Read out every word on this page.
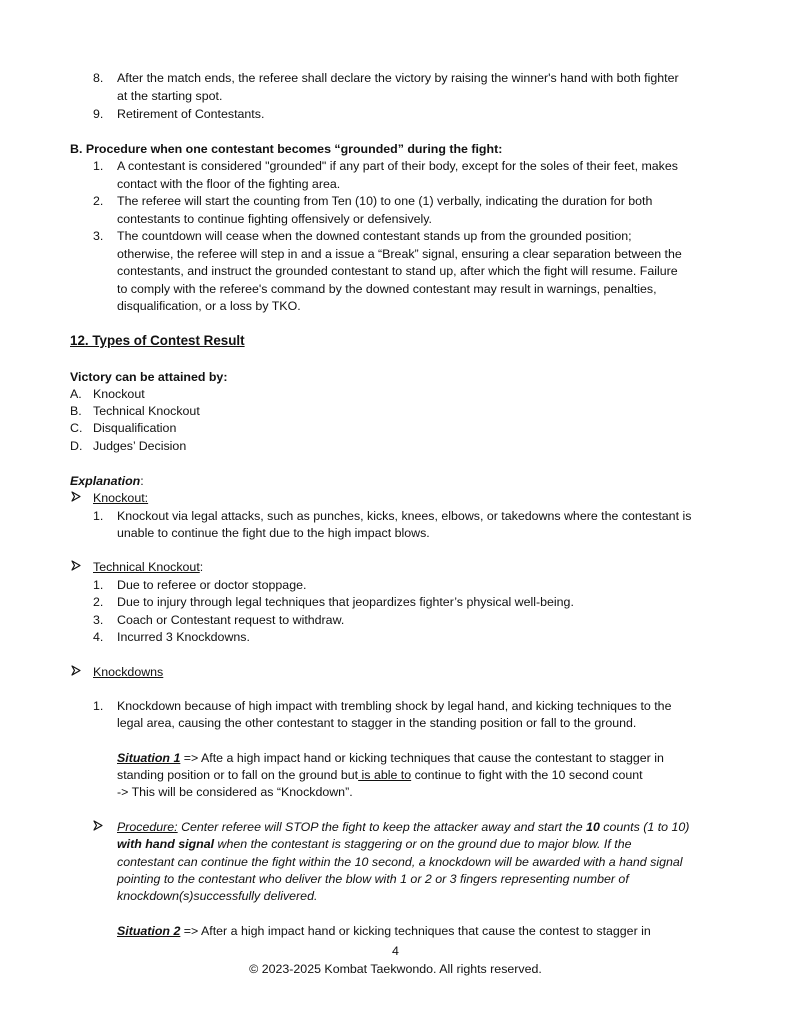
8. After the match ends, the referee shall declare the victory by raising the winner's hand with both fighter
at the starting spot.
9. Retirement of Contestants.
B. Procedure when one contestant becomes “grounded” during the fight:
1. A contestant is considered "grounded" if any part of their body, except for the soles of their feet, makes
contact with the floor of the fighting area.
2. The referee will start the counting from Ten (10) to one (1) verbally, indicating the duration for both
contestants to continue fighting offensively or defensively.
3. The countdown will cease when the downed contestant stands up from the grounded position;
otherwise, the referee will step in and a issue a “Break” signal, ensuring a clear separation between the
contestants, and instruct the grounded contestant to stand up, after which the fight will resume. Failure
to comply with the referee's command by the downed contestant may result in warnings, penalties,
disqualification, or a loss by TKO.
12. Types of Contest Result
Victory can be attained by:
A. Knockout
B. Technical Knockout
C. Disqualification
D. Judges’ Decision
Explanation:
Knockout:
1. Knockout via legal attacks, such as punches, kicks, knees, elbows, or takedowns where the contestant is
unable to continue the fight due to the high impact blows.
Technical Knockout:
1. Due to referee or doctor stoppage.
2. Due to injury through legal techniques that jeopardizes fighter’s physical well-being.
3. Coach or Contestant request to withdraw.
4. Incurred 3 Knockdowns.
Knockdowns
1. Knockdown because of high impact with trembling shock by legal hand, and kicking techniques to the
legal area, causing the other contestant to stagger in the standing position or fall to the ground.
Situation 1 => Afte a high impact hand or kicking techniques that cause the contestant to stagger in
standing position or to fall on the ground but is able to continue to fight with the 10 second count
-> This will be considered as “Knockdown”.
Procedure: Center referee will STOP the fight to keep the attacker away and start the 10 counts (1 to 10)
with hand signal when the contestant is staggering or on the ground due to major blow. If the
contestant can continue the fight within the 10 second, a knockdown will be awarded with a hand signal
pointing to the contestant who deliver the blow with 1 or 2 or 3 fingers representing number of
knockdown(s)successfully delivered.
Situation 2 => After a high impact hand or kicking techniques that cause the contest to stagger in
4
© 2023-2025 Kombat Taekwondo. All rights reserved.
